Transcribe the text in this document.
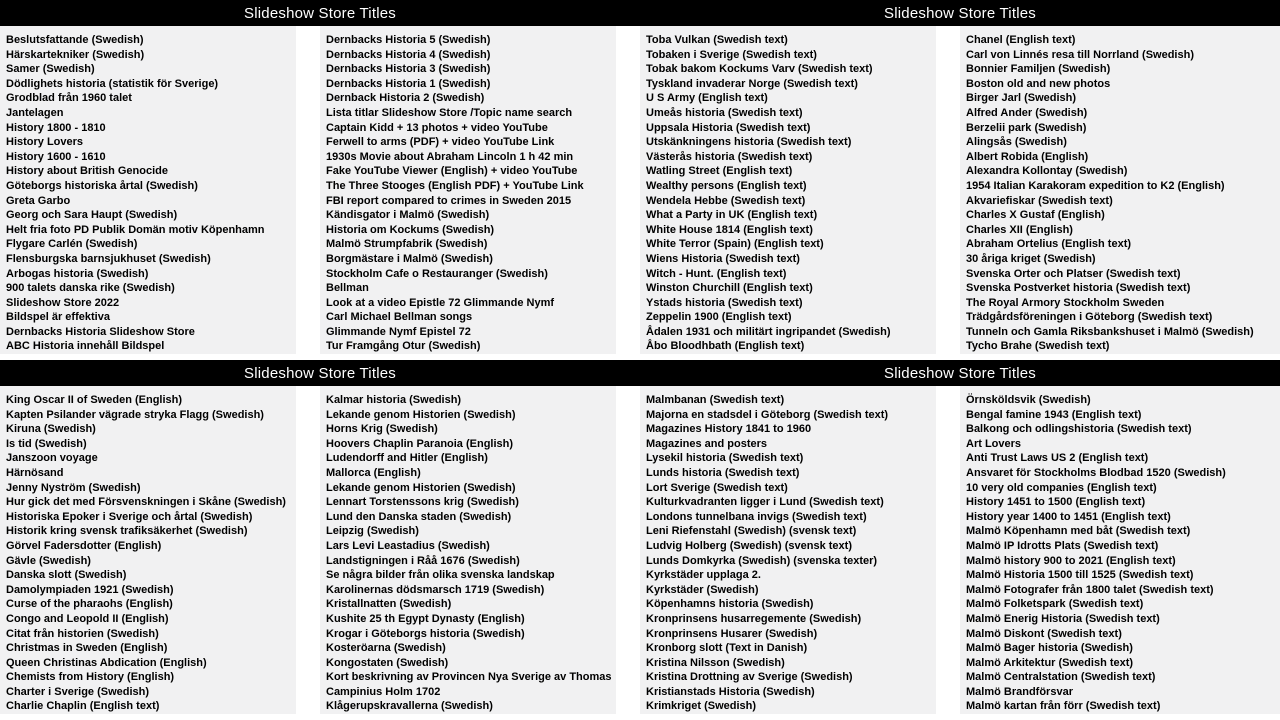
Slideshow Store Titles	Slideshow Store Titles
Beslutsfattande (Swedish)
Härskartekniker (Swedish)
Samer (Swedish)
Dödlighets historia (statistik för Sverige)
Grodblad från 1960 talet
Jantelagen
History 1800 - 1810
History Lovers
History 1600 - 1610
History about British Genocide
Göteborgs historiska årtal (Swedish)
Greta Garbo
Georg och Sara Haupt (Swedish)
Helt fria foto PD Publik Domän motiv Köpenhamn
Flygare Carlén (Swedish)
Flensburgska barnsjukhuset (Swedish)
Arbogas historia (Swedish)
900 talets danska rike (Swedish)
Slideshow Store 2022
Bildspel är effektiva
Dernbacks Historia Slideshow Store
ABC Historia innehåll Bildspel
Dernbacks Historia 5 (Swedish)
Dernbacks Historia 4 (Swedish)
Dernbacks Historia 3 (Swedish)
Dernbacks Historia 1 (Swedish)
Dernback Historia 2 (Swedish)
Lista titlar Slideshow Store /Topic name search
Captain Kidd + 13 photos + video YouTube
Ferwell to arms (PDF) + video YouTube Link
1930s Movie about Abraham Lincoln 1 h 42 min
Fake YouTube Viewer (English) + video YouTube
The Three Stooges (English PDF) + YouTube Link
FBI report compared to crimes in Sweden 2015
Kändisgator i Malmö (Swedish)
Historia om Kockums (Swedish)
Malmö Strumpfabrik (Swedish)
Borgmästare i Malmö (Swedish)
Stockholm Cafe o Restauranger (Swedish)
Bellman
Look at a video Epistle 72 Glimmande Nymf
Carl Michael Bellman songs
Glimmande Nymf Epistel 72
Tur Framgång Otur (Swedish)
Toba Vulkan (Swedish text)
Tobaken i Sverige (Swedish text)
Tobak bakom Kockums Varv (Swedish text)
Tyskland invaderar Norge (Swedish text)
U S Army (English text)
Umeås historia (Swedish text)
Uppsala Historia (Swedish text)
Utskänkningens historia (Swedish text)
Västerås historia (Swedish text)
Watling Street (English text)
Wealthy persons (English text)
Wendela Hebbe (Swedish text)
What a Party in UK (English text)
White House 1814 (English text)
White Terror (Spain) (English text)
Wiens Historia (Swedish text)
Witch - Hunt. (English text)
Winston Churchill (English text)
Ystads historia (Swedish text)
Zeppelin 1900 (English text)
Ådalen 1931 och militärt ingripandet (Swedish)
Åbo Bloodhbath (English text)
Chanel (English text)
Carl von Linnés resa till Norrland (Swedish)
Bonnier Familjen (Swedish)
Boston old and new photos
Birger Jarl (Swedish)
Alfred Ander (Swedish)
Berzelii park (Swedish)
Alingsås (Swedish)
Albert Robida (English)
Alexandra Kollontay (Swedish)
1954 Italian Karakoram expedition to K2 (English)
Akvariefiskar (Swedish text)
Charles X Gustaf (English)
Charles XII (English)
Abraham Ortelius (English text)
30 åriga kriget (Swedish)
Svenska Orter och Platser (Swedish text)
Svenska Postverket historia (Swedish text)
The Royal Armory Stockholm Sweden
Trädgårdsföreningen i Göteborg (Swedish text)
Tunneln och Gamla Riksbankshuset i Malmö (Swedish)
Tycho Brahe (Swedish text)
Slideshow Store Titles	Slideshow Store Titles
King Oscar II of Sweden (English)
Kapten Psilander vägrade stryka Flagg (Swedish)
Kiruna (Swedish)
Is tid (Swedish)
Janszoon voyage
Härnösand
Jenny Nyström (Swedish)
Hur gick det med Försvenskningen i Skåne (Swedish)
Historiska Epoker i Sverige och årtal (Swedish)
Historik kring svensk trafiksäkerhet (Swedish)
Görvel Fadersdotter (English)
Gävle (Swedish)
Danska slott (Swedish)
Damolympiaden 1921 (Swedish)
Curse of the pharaohs (English)
Congo and Leopold II (English)
Citat från historien (Swedish)
Christmas in Sweden (English)
Queen Christinas Abdication (English)
Chemists from History (English)
Charter i Sverige (Swedish)
Charlie Chaplin (English text)
Kalmar historia (Swedish)
Lekande genom Historien (Swedish)
Horns Krig (Swedish)
Hoovers Chaplin Paranoia (English)
Ludendorff and Hitler (English)
Mallorca (English)
Lekande genom Historien (Swedish)
Lennart Torstenssons krig (Swedish)
Lund den Danska staden (Swedish)
Leipzig (Swedish)
Lars Levi Leastadius (Swedish)
Landstigningen i Råå 1676 (Swedish)
Se några bilder från olika svenska landskap
Karolinernas dödsmarsch 1719 (Swedish)
Kristallnatten (Swedish)
Kushite 25 th Egypt Dynasty (English)
Krogar i Göteborgs historia (Swedish)
Kosteröarna (Swedish)
Kongostaten (Swedish)
Kort beskrivning av Provincen Nya Sverige av Thomas
Campinius Holm 1702
Klågerupskravallerna (Swedish)
Malmbanan (Swedish text)
Majorna en stadsdel i Göteborg (Swedish text)
Magazines History 1841 to 1960
Magazines and posters
Lysekil historia (Swedish text)
Lunds historia (Swedish text)
Lort Sverige (Swedish text)
Kulturkvadranten ligger i Lund (Swedish text)
Londons tunnelbana invigs (Swedish text)
Leni Riefenstahl (Swedish) (svensk text)
Ludvig Holberg (Swedish) (svensk text)
Lunds Domkyrka (Swedish) (svenska texter)
Kyrkstäder upplaga 2.
Kyrkstäder (Swedish)
Köpenhamns historia (Swedish)
Kronprinsens husarregemente (Swedish)
Kronprinsens Husarer (Swedish)
Kronborg slott (Text in Danish)
Kristina Nilsson (Swedish)
Kristina Drottning av Sverige (Swedish)
Kristianstads Historia (Swedish)
Krimkriget (Swedish)
Örnsköldsvik (Swedish)
Bengal famine 1943 (English text)
Balkong och odlingshistoria (Swedish text)
Art Lovers
Anti Trust Laws US 2 (English text)
Ansvaret för Stockholms Blodbad 1520 (Swedish)
10 very old companies (English text)
History 1451 to 1500 (English text)
History year 1400 to 1451 (English text)
Malmö Köpenhamn med båt (Swedish text)
Malmö IP Idrotts Plats (Swedish text)
Malmö history 900 to 2021 (English text)
Malmö Historia 1500 till 1525 (Swedish text)
Malmö Fotografer från 1800 talet (Swedish text)
Malmö Folketspark (Swedish text)
Malmö Enerig Historia (Swedish text)
Malmö Diskont (Swedish text)
Malmö Bager historia (Swedish)
Malmö Arkitektur (Swedish text)
Malmö Centralstation (Swedish text)
Malmö Brandförsvar
Malmö kartan från förr (Swedish text)
